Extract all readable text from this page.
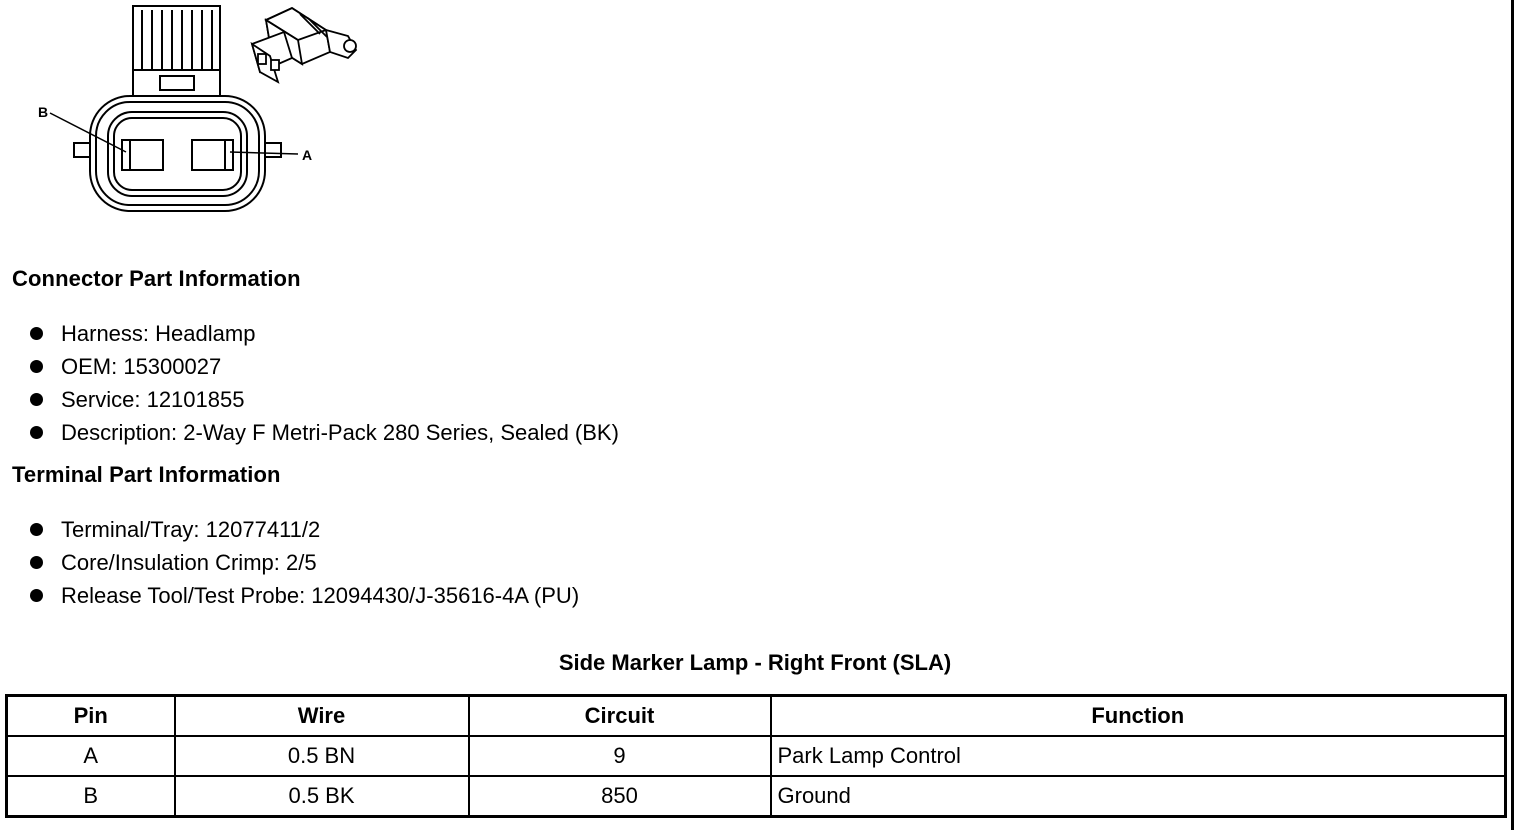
B
A
Connector Part Information
Harness: Headlamp
OEM: 15300027
Service: 12101855
Description: 2-Way F Metri-Pack 280 Series, Sealed (BK)
Terminal Part Information
Terminal/Tray: 12077411/2
Core/Insulation Crimp: 2/5
Release Tool/Test Probe: 12094430/J-35616-4A (PU)
Side Marker Lamp - Right Front (SLA)
Pin	Wire	Circuit	Function
A	0.5 BN	9	Park Lamp Control
B	0.5 BK	850	Ground
